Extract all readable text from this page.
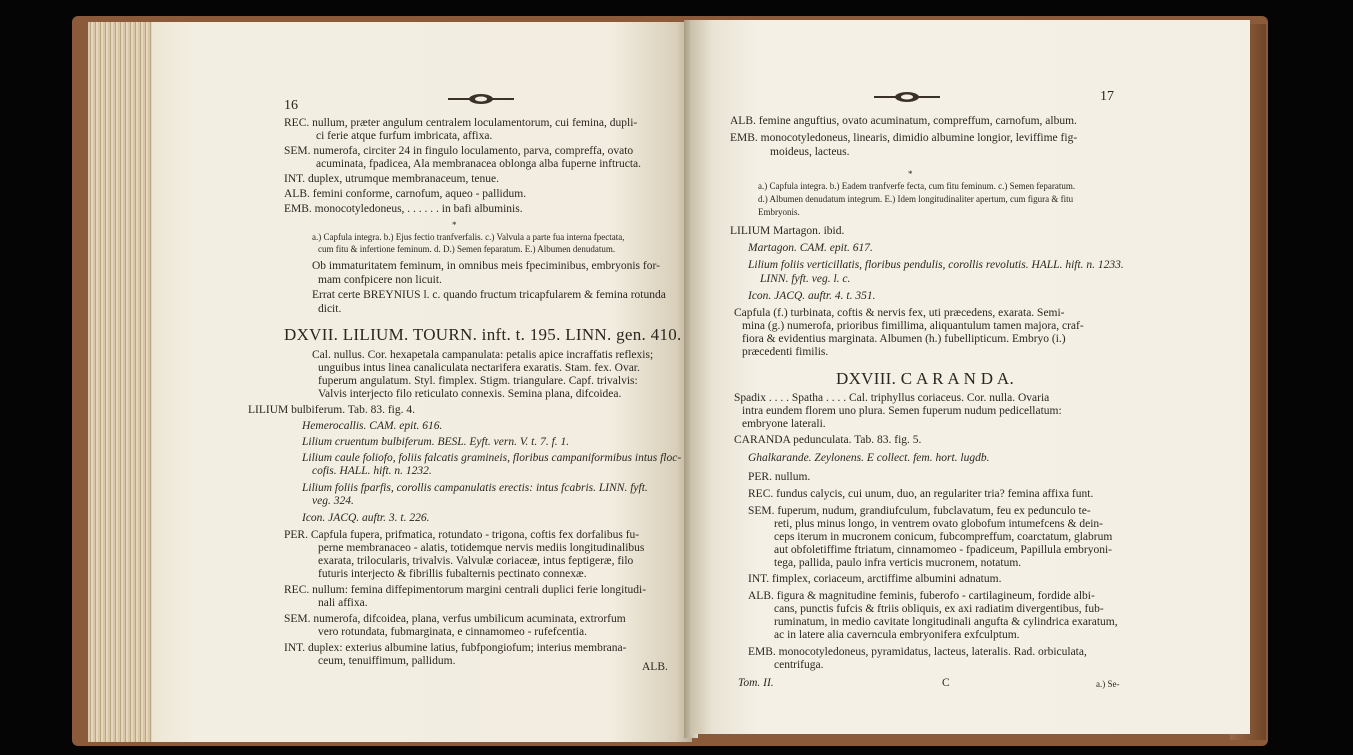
16
REC. nullum, præter angulum centralem loculamentorum, cui femina, dupli-
ci ferie atque furfum imbricata, affixa.
SEM. numerofa, circiter 24 in fingulo loculamento, parva, compreffa, ovato
acuminata, fpadicea, Ala membranacea oblonga alba fuperne inftructa.
INT. duplex, utrumque membranaceum, tenue.
ALB. femini conforme, carnofum, aqueo - pallidum.
EMB. monocotyledoneus, . . . . . . in bafi albuminis.
*
a.) Capfula integra. b.) Ejus fectio tranfverfalis. c.) Valvula a parte fua interna fpectata,
cum fitu & infertione feminum. d. D.) Semen feparatum. E.) Albumen denudatum.
Ob immaturitatem feminum, in omnibus meis fpeciminibus, embryonis for-
mam confpicere non licuit.
Errat certe BREYNIUS l. c. quando fructum tricapfularem & femina rotunda
dicit.
DXVII. LILIUM. TOURN. inft. t. 195. LINN. gen. 410.
Cal. nullus. Cor. hexapetala campanulata: petalis apice incraffatis reflexis;
unguibus intus linea canaliculata nectarifera exaratis. Stam. fex. Ovar.
fuperum angulatum. Styl. fimplex. Stigm. triangulare. Capf. trivalvis:
Valvis interjecto filo reticulato connexis. Semina plana, difcoidea.
LILIUM bulbiferum. Tab. 83. fig. 4.
Hemerocallis. CAM. epit. 616.
Lilium cruentum bulbiferum. BESL. Eyft. vern. V. t. 7. f. 1.
Lilium caule foliofo, foliis falcatis gramineis, floribus campaniformibus intus floc-
cofis. HALL. hift. n. 1232.
Lilium foliis fparfis, corollis campanulatis erectis: intus fcabris. LINN. fyft.
veg. 324.
Icon. JACQ. auftr. 3. t. 226.
PER. Capfula fupera, prifmatica, rotundato - trigona, coftis fex dorfalibus fu-
perne membranaceo - alatis, totidemque nervis mediis longitudinalibus
exarata, trilocularis, trivalvis. Valvulæ coriaceæ, intus feptigeræ, filo
futuris interjecto & fibrillis fubalternis pectinato connexæ.
REC. nullum: femina diffepimentorum margini centrali duplici ferie longitudi-
nali affixa.
SEM. numerofa, difcoidea, plana, verfus umbilicum acuminata, extrorfum
vero rotundata, fubmarginata, e cinnamomeo - rufefcentia.
INT. duplex: exterius albumine latius, fubfpongiofum; interius membrana-
ceum, tenuiffimum, pallidum.	ALB.
17
ALB. femine anguftius, ovato acuminatum, compreffum, carnofum, album.
EMB. monocotyledoneus, linearis, dimidio albumine longior, leviffime fig-
moideus, lacteus.
*
a.) Capfula integra. b.) Eadem tranfverfe fecta, cum fitu feminum. c.) Semen feparatum.
d.) Albumen denudatum integrum. E.) Idem longitudinaliter apertum, cum figura & fitu
Embryonis.
LILIUM Martagon. ibid.
Martagon. CAM. epit. 617.
Lilium foliis verticillatis, floribus pendulis, corollis revolutis. HALL. hift. n. 1233.
LINN. fyft. veg. l. c.
Icon. JACQ. auftr. 4. t. 351.
Capfula (f.) turbinata, coftis & nervis fex, uti præcedens, exarata. Semi-
mina (g.) numerofa, prioribus fimillima, aliquantulum tamen majora, craf-
fiora & evidentius marginata. Albumen (h.) fubellipticum. Embryo (i.)
præcedenti fimilis.
DXVIII. C A R A N D A.
Spadix . . . . Spatha . . . . Cal. triphyllus coriaceus. Cor. nulla. Ovaria
intra eundem florem uno plura. Semen fuperum nudum pedicellatum:
embryone laterali.
CARANDA pedunculata. Tab. 83. fig. 5.
Ghalkarande. Zeylonens. E collect. fem. hort. lugdb.
PER. nullum.
REC. fundus calycis, cui unum, duo, an regulariter tria? femina affixa funt.
SEM. fuperum, nudum, grandiufculum, fubclavatum, feu ex pedunculo te-
reti, plus minus longo, in ventrem ovato globofum intumefcens & dein-
ceps iterum in mucronem conicum, fubcompreffum, coarctatum, glabrum
aut obfoletiffime ftriatum, cinnamomeo - fpadiceum, Papillula embryoni-
tega, pallida, paulo infra verticis mucronem, notatum.
INT. fimplex, coriaceum, arctiffime albumini adnatum.
ALB. figura & magnitudine feminis, fuberofo - cartilagineum, fordide albi-
cans, punctis fufcis & ftriis obliquis, ex axi radiatim divergentibus, fub-
ruminatum, in medio cavitate longitudinali angufta & cylindrica exaratum,
ac in latere alia caverncula embryonifera exfculptum.
EMB. monocotyledoneus, pyramidatus, lacteus, lateralis. Rad. orbiculata,
centrifuga.
Tom. II.	C	a.) Se-
